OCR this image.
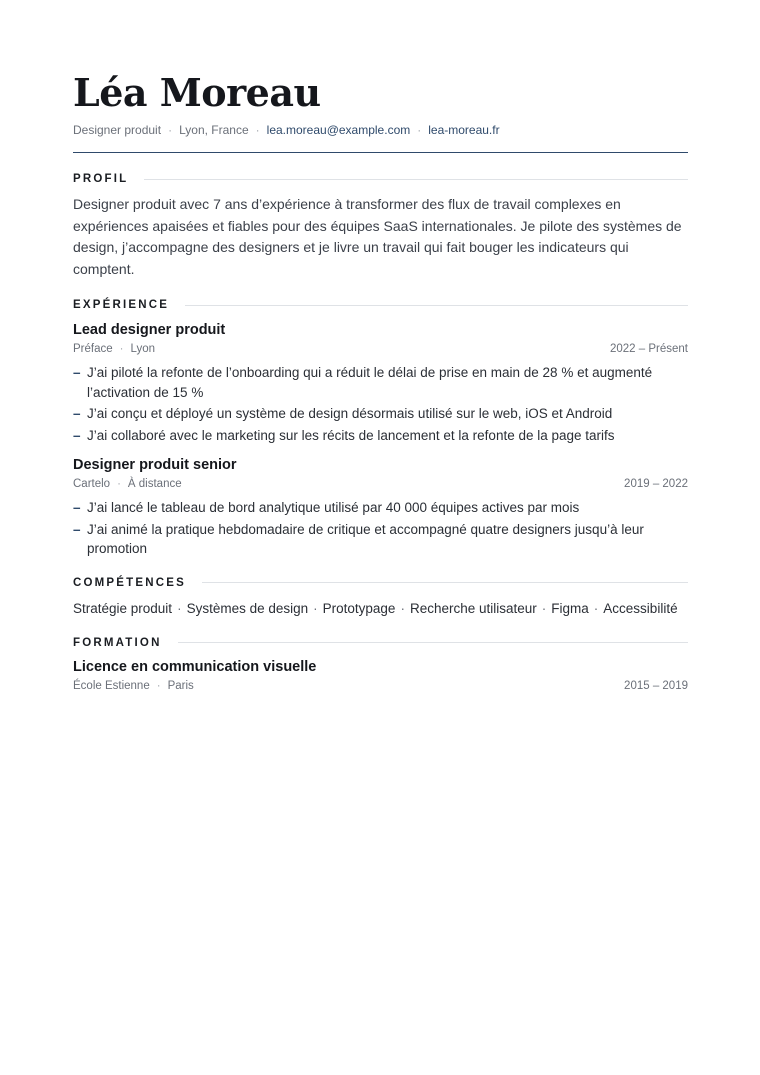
Léa Moreau
Designer produit · Lyon, France · lea.moreau@example.com · lea-moreau.fr
PROFIL

Designer produit avec 7 ans d’expérience à transformer des flux de travail complexes en expériences apaisées et fiables pour des équipes SaaS internationales. Je pilote des systèmes de design, j’accompagne des designers et je livre un travail qui fait bouger les indicateurs qui comptent.

EXPÉRIENCE
Lead designer produit
Préface · Lyon	2022 – Présent
– J’ai piloté la refonte de l’onboarding qui a réduit le délai de prise en main de 28 % et augmenté l’activation de 15 %
– J’ai conçu et déployé un système de design désormais utilisé sur le web, iOS et Android
– J’ai collaboré avec le marketing sur les récits de lancement et la refonte de la page tarifs
Designer produit senior
Cartelo · À distance	2019 – 2022
– J’ai lancé le tableau de bord analytique utilisé par 40 000 équipes actives par mois
– J’ai animé la pratique hebdomadaire de critique et accompagné quatre designers jusqu’à leur promotion
COMPÉTENCES
Stratégie produit · Systèmes de design · Prototypage · Recherche utilisateur · Figma · Accessibilité
FORMATION
Licence en communication visuelle
École Estienne · Paris	2015 – 2019
